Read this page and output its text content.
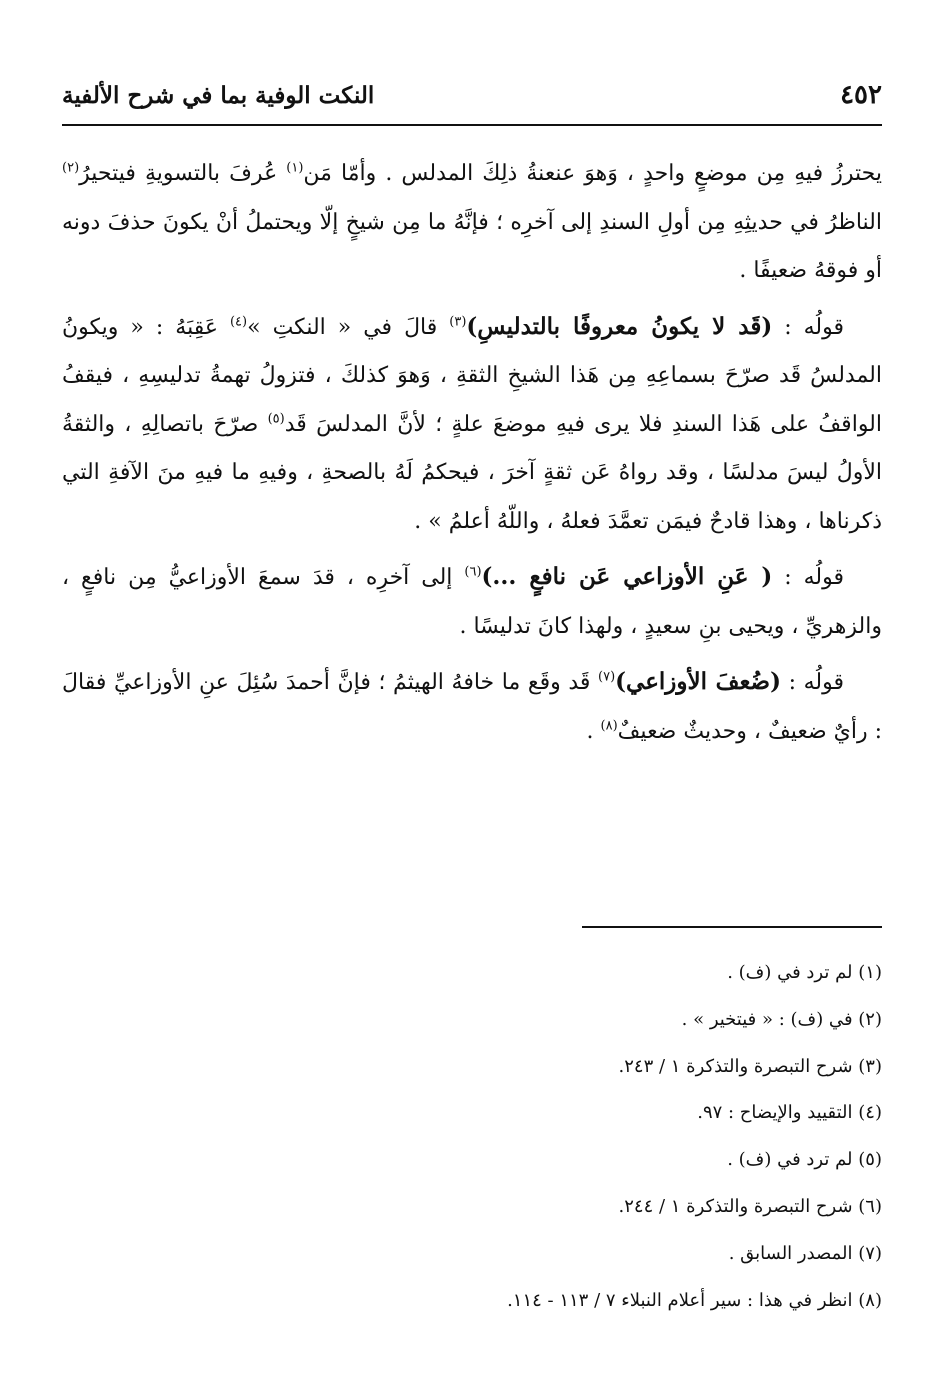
٤٥٢
النكت الوفية بما في شرح الألفية

يحترزُ فيهِ مِن موضعٍ واحدٍ ، وَهوَ عنعنةُ ذلِكَ المدلس . وأمّا مَن$^{(١)}$ عُرفَ بالتسويةِ فيتحيرُ$^{(٢)}$ الناظرُ في حديثِهِ مِن أولِ السندِ إلى آخرِه ؛ فإنَّهُ ما مِن شيخٍ إلّا ويحتملُ أنْ يكونَ حذفَ دونه أو فوقهُ ضعيفًا .

قولُه : (قَد لا يكونُ معروفًا بالتدليسِ)$^{(٣)}$ قالَ في « النكتِ »$^{(٤)}$ عَقِبَهُ : « ويكونُ المدلسُ قَد صرّحَ بسماعِهِ مِن هَذا الشيخِ الثقةِ ، وَهوَ كذلكَ ، فتزولُ تهمةُ تدليسِهِ ، فيقفُ الواقفُ على هَذا السندِ فلا يرى فيهِ موضعَ علةٍ ؛ لأنَّ المدلسَ قَد$^{(٥)}$ صرّحَ باتصالِهِ ، والثقةُ الأولُ ليسَ مدلسًا ، وقد رواهُ عَن ثقةٍ آخرَ ، فيحكمُ لَهُ بالصحةِ ، وفيهِ ما فيهِ منَ الآفةِ التي ذكرناها ، وهذا قادحٌ فيمَن تعمَّدَ فعلهُ ، واللّهُ أعلمُ » .

قولُه : ( عَنِ الأوزاعي عَن نافعٍ ...)$^{(٦)}$ إلى آخرِه ، قدَ سمعَ الأوزاعيُّ مِن نافعٍ ، والزهريِّ ، ويحيى بنِ سعيدٍ ، ولهذا كانَ تدليسًا .

قولُه : (ضُعفَ الأوزاعي)$^{(٧)}$ قَد وقَع ما خافهُ الهيثمُ ؛ فإنَّ أحمدَ سُئِلَ عنِ الأوزاعيِّ فقالَ : رأيٌ ضعيفٌ ، وحديثٌ ضعيفٌ$^{(٨)}$ .

(١) لم ترد في (ف) .

(٢) في (ف) : « فيتخير » .

(٣) شرح التبصرة والتذكرة ١ / ٢٤٣.

(٤) التقييد والإيضاح : ٩٧.

(٥) لم ترد في (ف) .

(٦) شرح التبصرة والتذكرة ١ / ٢٤٤.

(٧) المصدر السابق .

(٨) انظر في هذا : سير أعلام النبلاء ٧ / ١١٣ - ١١٤.
